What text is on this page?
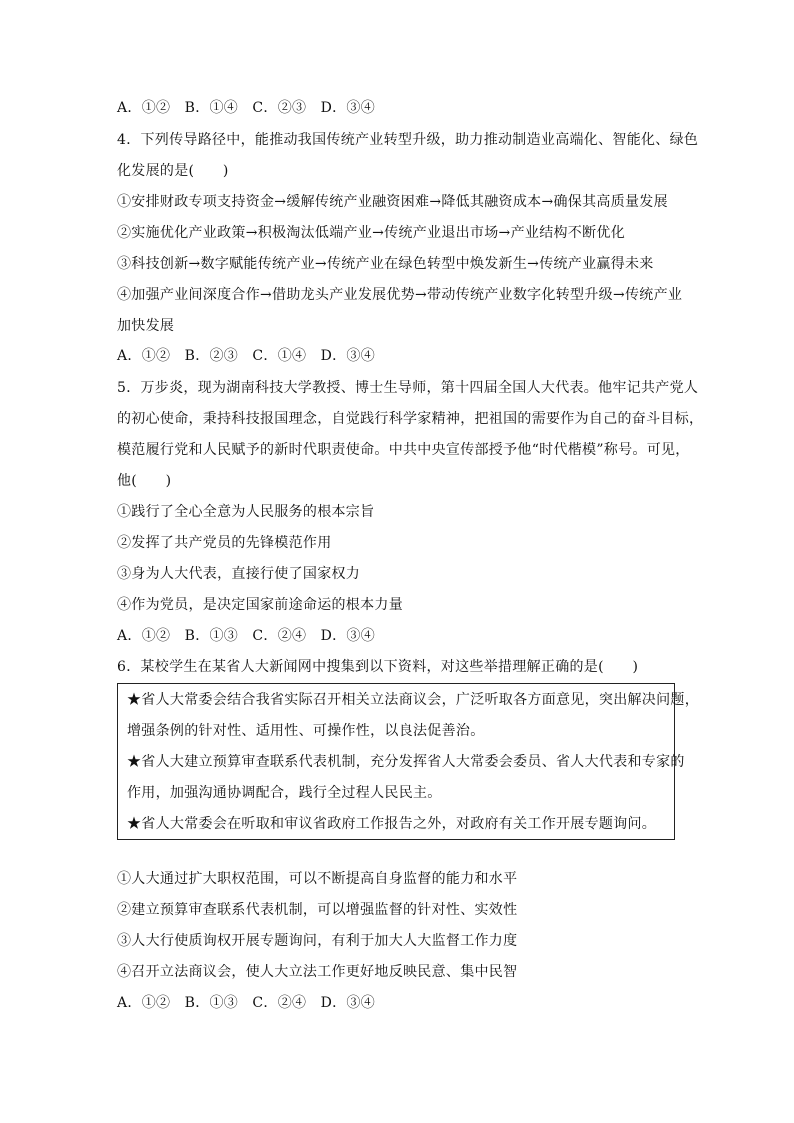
A．①②　B．①④　C．②③　D．③④
4．下列传导路径中，能推动我国传统产业转型升级，助力推动制造业高端化、智能化、绿色
化发展的是(　　)
①安排财政专项支持资金→缓解传统产业融资困难→降低其融资成本→确保其高质量发展
②实施优化产业政策→积极淘汰低端产业→传统产业退出市场→产业结构不断优化
③科技创新→数字赋能传统产业→传统产业在绿色转型中焕发新生→传统产业赢得未来
④加强产业间深度合作→借助龙头产业发展优势→带动传统产业数字化转型升级→传统产业
加快发展
A．①②　B．②③　C．①④　D．③④
5．万步炎，现为湖南科技大学教授、博士生导师，第十四届全国人大代表。他牢记共产党人
的初心使命，秉持科技报国理念，自觉践行科学家精神，把祖国的需要作为自己的奋斗目标，
模范履行党和人民赋予的新时代职责使命。中共中央宣传部授予他“时代楷模”称号。可见，
他(　　)
①践行了全心全意为人民服务的根本宗旨
②发挥了共产党员的先锋模范作用
③身为人大代表，直接行使了国家权力
④作为党员，是决定国家前途命运的根本力量
A．①②　B．①③　C．②④　D．③④
6．某校学生在某省人大新闻网中搜集到以下资料，对这些举措理解正确的是(　　)
★省人大常委会结合我省实际召开相关立法商议会，广泛听取各方面意见，突出解决问题，
增强条例的针对性、适用性、可操作性，以良法促善治。
★省人大建立预算审查联系代表机制，充分发挥省人大常委会委员、省人大代表和专家的
作用，加强沟通协调配合，践行全过程人民民主。
★省人大常委会在听取和审议省政府工作报告之外，对政府有关工作开展专题询问。
①人大通过扩大职权范围，可以不断提高自身监督的能力和水平
②建立预算审查联系代表机制，可以增强监督的针对性、实效性
③人大行使质询权开展专题询问，有利于加大人大监督工作力度
④召开立法商议会，使人大立法工作更好地反映民意、集中民智
A．①②　B．①③　C．②④　D．③④
